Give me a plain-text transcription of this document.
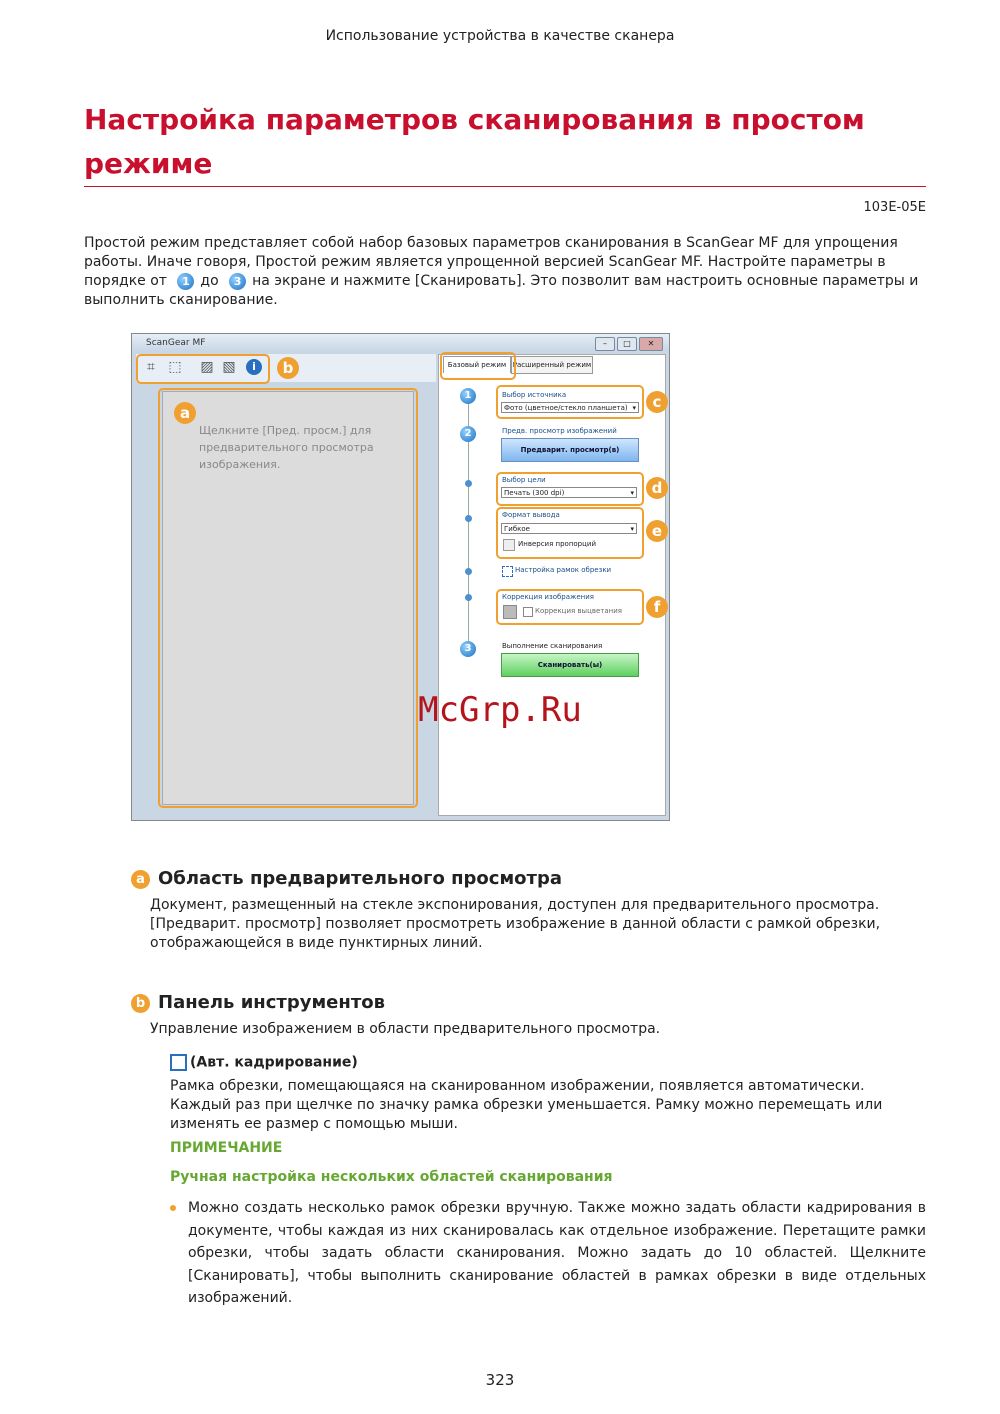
Использование устройства в качестве сканера
Настройка параметров сканирования в простом режиме
103E-05E
Простой режим представляет собой набор базовых параметров сканирования в ScanGear MF для упрощения работы. Иначе говоря, Простой режим является упрощенной версией ScanGear MF. Настройте параметры в порядке от 1 до 3 на экране и нажмите [Сканировать]. Это позволит вам настроить основные параметры и выполнить сканирование.
ScanGear MF	–	□	✕
⌗ ⬚ ▨ ▧	i	b
Щелкните [Пред. просм.] для предварительного просмотра изображения.
a
Базовый режим Расширенный режим
1	Выбор источника
Фото (цветное/стекло планшета) ▾	c
2	Предв. просмотр изображений
Предварит. просмотр(в)
Выбор цели
Печать (300 dpi) ▾	d
Формат вывода
Гибкое ▾
Инверсия пропорций
e
Настройка рамок обрезки
Коррекция изображения
Коррекция выцветания	f
3	Выполнение сканирования
Сканировать(ы)
McGrp.Ru
a Область предварительного просмотра
Документ, размещенный на стекле экспонирования, доступен для предварительного просмотра. [Предварит. просмотр] позволяет просмотреть изображение в данной области с рамкой обрезки, отображающейся в виде пунктирных линий.
b Панель инструментов
Управление изображением в области предварительного просмотра.
(Авт. кадрирование)
Рамка обрезки, помещающаяся на сканированном изображении, появляется автоматически. Каждый раз при щелчке по значку рамка обрезки уменьшается. Рамку можно перемещать или изменять ее размер с помощью мыши.
ПРИМЕЧАНИЕ
Ручная настройка нескольких областей сканирования
Можно создать несколько рамок обрезки вручную. Также можно задать области кадрирования в документе, чтобы каждая из них сканировалась как отдельное изображение. Перетащите рамки обрезки, чтобы задать области сканирования. Можно задать до 10 областей. Щелкните [Сканировать], чтобы выполнить сканирование областей в рамках обрезки в виде отдельных изображений.
323
